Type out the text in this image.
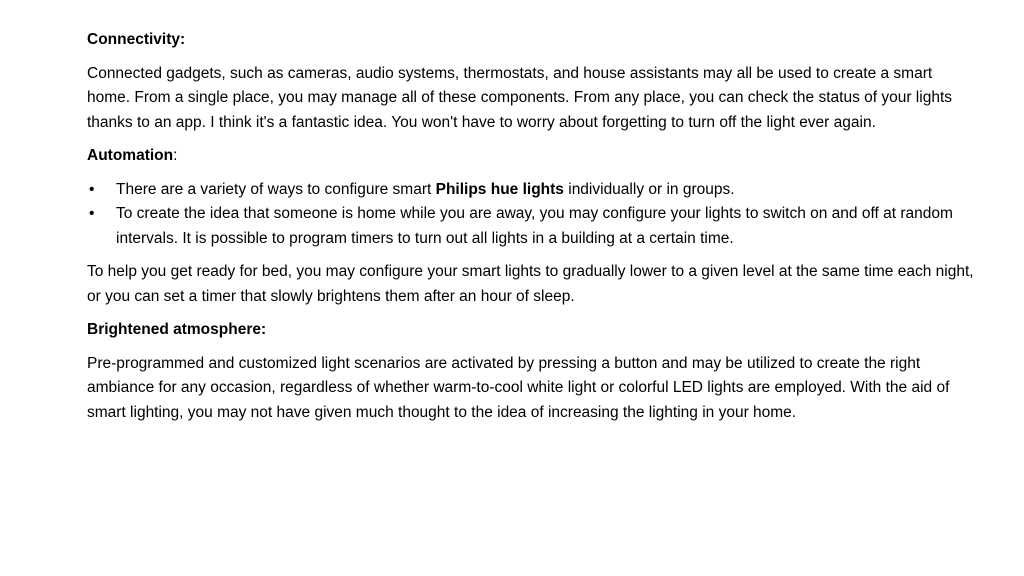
Connectivity:

Connected gadgets, such as cameras, audio systems, thermostats, and house assistants may all be used to create a smart home. From a single place, you may manage all of these components. From any place, you can check the status of your lights thanks to an app. I think it's a fantastic idea. You won't have to worry about forgetting to turn off the light ever again.

Automation:

• There are a variety of ways to configure smart Philips hue lights individually or in groups.
• To create the idea that someone is home while you are away, you may configure your lights to switch on and off at random intervals. It is possible to program timers to turn out all lights in a building at a certain time.

To help you get ready for bed, you may configure your smart lights to gradually lower to a given level at the same time each night, or you can set a timer that slowly brightens them after an hour of sleep.

Brightened atmosphere:

Pre-programmed and customized light scenarios are activated by pressing a button and may be utilized to create the right ambiance for any occasion, regardless of whether warm-to-cool white light or colorful LED lights are employed. With the aid of smart lighting, you may not have given much thought to the idea of increasing the lighting in your home.
